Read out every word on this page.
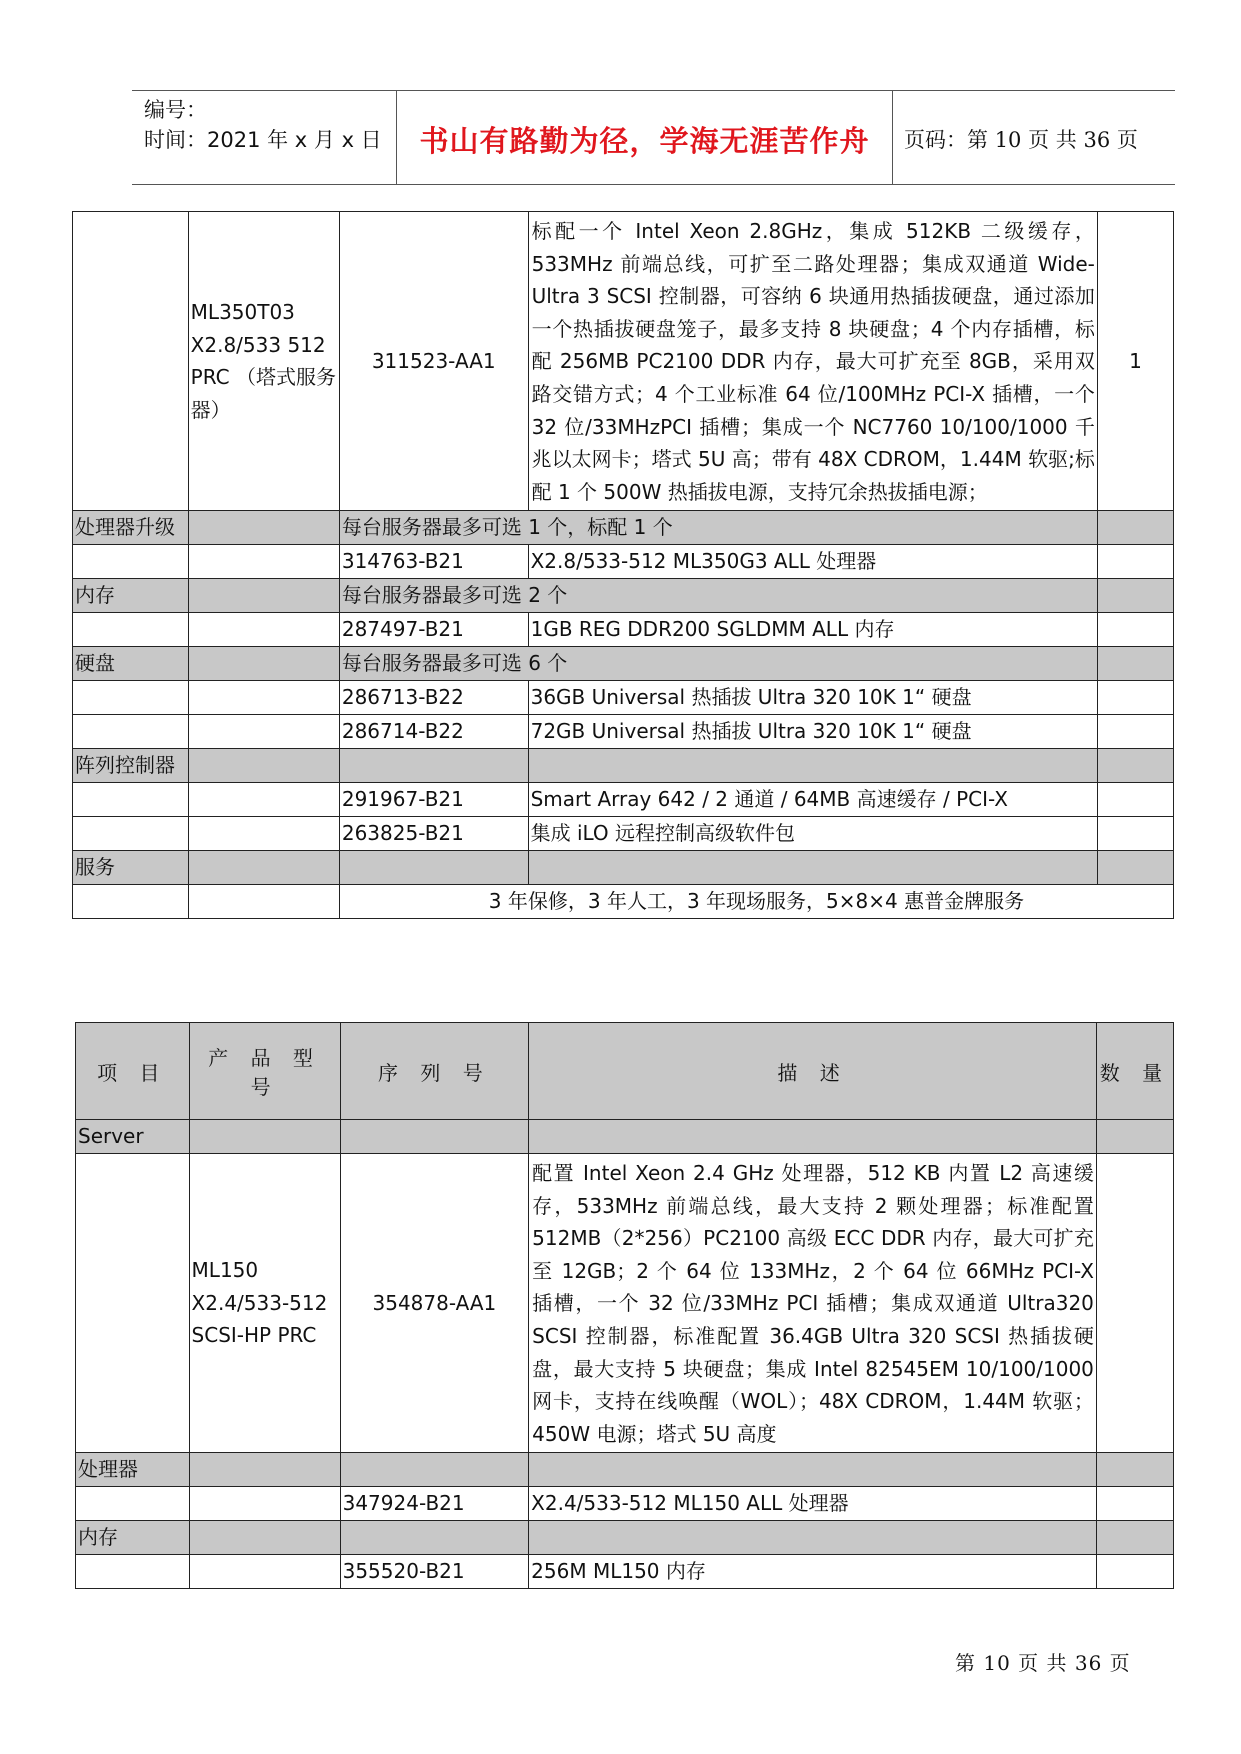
编号：
时间：2021 年 x 月 x 日	书山有路勤为径，学海无涯苦作舟	页码：第 10 页 共 36 页
	ML350T03 X2.8/533 512 PRC （塔式服务器）	311523-AA1	标配一个 Intel Xeon 2.8GHz，集成 512KB 二级缓存，533MHz 前端总线，可扩至二路处理器；集成双通道 Wide-Ultra 3 SCSI 控制器，可容纳 6 块通用热插拔硬盘，通过添加一个热插拔硬盘笼子，最多支持 8 块硬盘；4 个内存插槽，标配 256MB PC2100 DDR 内存，最大可扩充至 8GB，采用双路交错方式；4 个工业标准 64 位/100MHz PCI-X 插槽，一个 32 位/33MHzPCI 插槽；集成一个 NC7760 10/100/1000 千兆以太网卡；塔式 5U 高；带有 48X CDROM，1.44M 软驱;标配 1 个 500W 热插拔电源，支持冗余热拔插电源；	1
处理器升级		每台服务器最多可选 1 个，标配 1 个		
		314763-B21	X2.8/533-512 ML350G3 ALL 处理器	
内存		每台服务器最多可选 2 个		
		287497-B21	1GB REG DDR200 SGLDMM ALL 内存	
硬盘		每台服务器最多可选 6 个		
		286713-B22	36GB Universal 热插拔 Ultra 320 10K 1“ 硬盘	
		286714-B22	72GB Universal 热插拔 Ultra 320 10K 1“ 硬盘	
阵列控制器				
		291967-B21	Smart Array 642 / 2 通道 / 64MB 高速缓存 / PCI-X	
		263825-B21	集成 iLO 远程控制高级软件包	
服务				
		3 年保修，3 年人工，3 年现场服务，5×8×4 惠普金牌服务		
项 目	产 品 型 号	序 列 号	描 述	数 量
Server				
	ML150 X2.4/533-512 SCSI-HP PRC	354878-AA1	配置 Intel Xeon 2.4 GHz 处理器，512 KB 内置 L2 高速缓存，533MHz 前端总线，最大支持 2 颗处理器；标准配置 512MB（2*256）PC2100 高级 ECC DDR 内存，最大可扩充至 12GB；2 个 64 位 133MHz，2 个 64 位 66MHz PCI-X 插槽，一个 32 位/33MHz PCI 插槽；集成双通道 Ultra320 SCSI 控制器，标准配置 36.4GB Ultra 320 SCSI 热插拔硬盘，最大支持 5 块硬盘；集成 Intel 82545EM 10/100/1000 网卡，支持在线唤醒（WOL）；48X CDROM，1.44M 软驱；450W 电源；塔式 5U 高度	
处理器				
		347924-B21	X2.4/533-512 ML150 ALL 处理器	
内存				
		355520-B21	256M ML150 内存	
第 10 页 共 36 页
